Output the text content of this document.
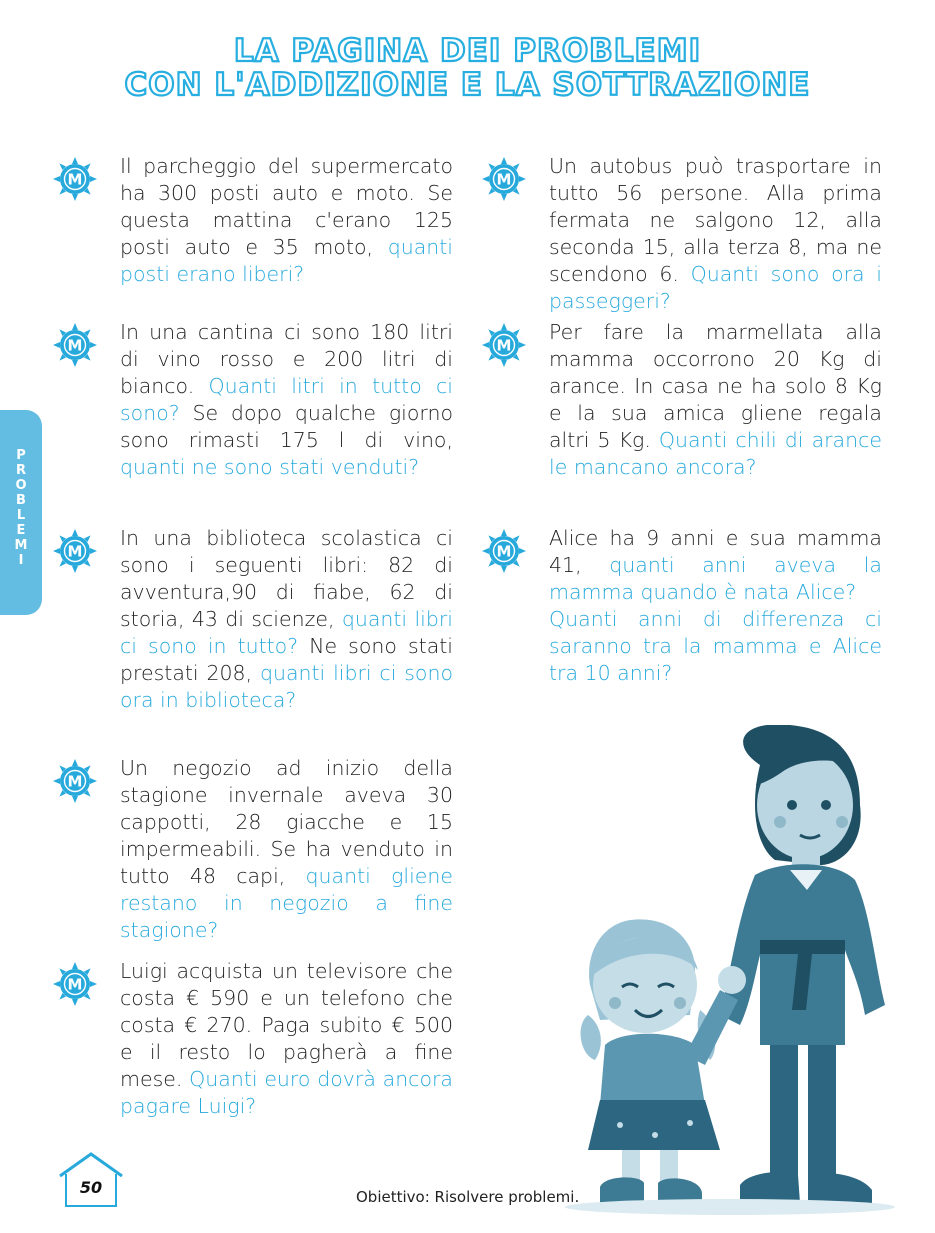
LA PAGINA DEI PROBLEMI
CON L'ADDIZIONE E LA SOTTRAZIONE
P
R
O
B
L
E
M
I
Il parcheggio del supermercato ha 300 posti auto e moto. Se questa mattina c'erano 125 posti auto e 35 moto, quanti posti erano liberi?
In una cantina ci sono 180 litri di vino rosso e 200 litri di bianco. Quanti litri in tutto ci sono? Se dopo qualche giorno sono rimasti 175 l di vino, quanti ne sono stati venduti?
In una biblioteca scolastica ci sono i seguenti libri: 82 di avventura,90 di fiabe, 62 di storia, 43 di scienze, quanti libri ci sono in tutto? Ne sono stati prestati 208, quanti libri ci sono ora in biblioteca?
Un negozio ad inizio della stagione invernale aveva 30 cappotti, 28 giacche e 15 impermeabili. Se ha venduto in tutto 48 capi, quanti gliene restano in negozio a fine stagione?
Luigi acquista un televisore che costa € 590 e un telefono che costa € 270. Paga subito € 500 e il resto lo pagherà a fine mese. Quanti euro dovrà ancora pagare Luigi?
Un autobus può trasportare in tutto 56 persone. Alla prima fermata ne salgono 12, alla seconda 15, alla terza 8, ma ne scendono 6. Quanti sono ora i passeggeri?
Per fare la marmellata alla mamma occorrono 20 Kg di arance. In casa ne ha solo 8 Kg e la sua amica gliene regala altri 5 Kg. Quanti chili di arance le mancano ancora?
Alice ha 9 anni e sua mamma 41, quanti anni aveva la mamma quando è nata Alice?
Quanti anni di differenza ci saranno tra la mamma e Alice tra 10 anni?
50	Obiettivo: Risolvere problemi.
